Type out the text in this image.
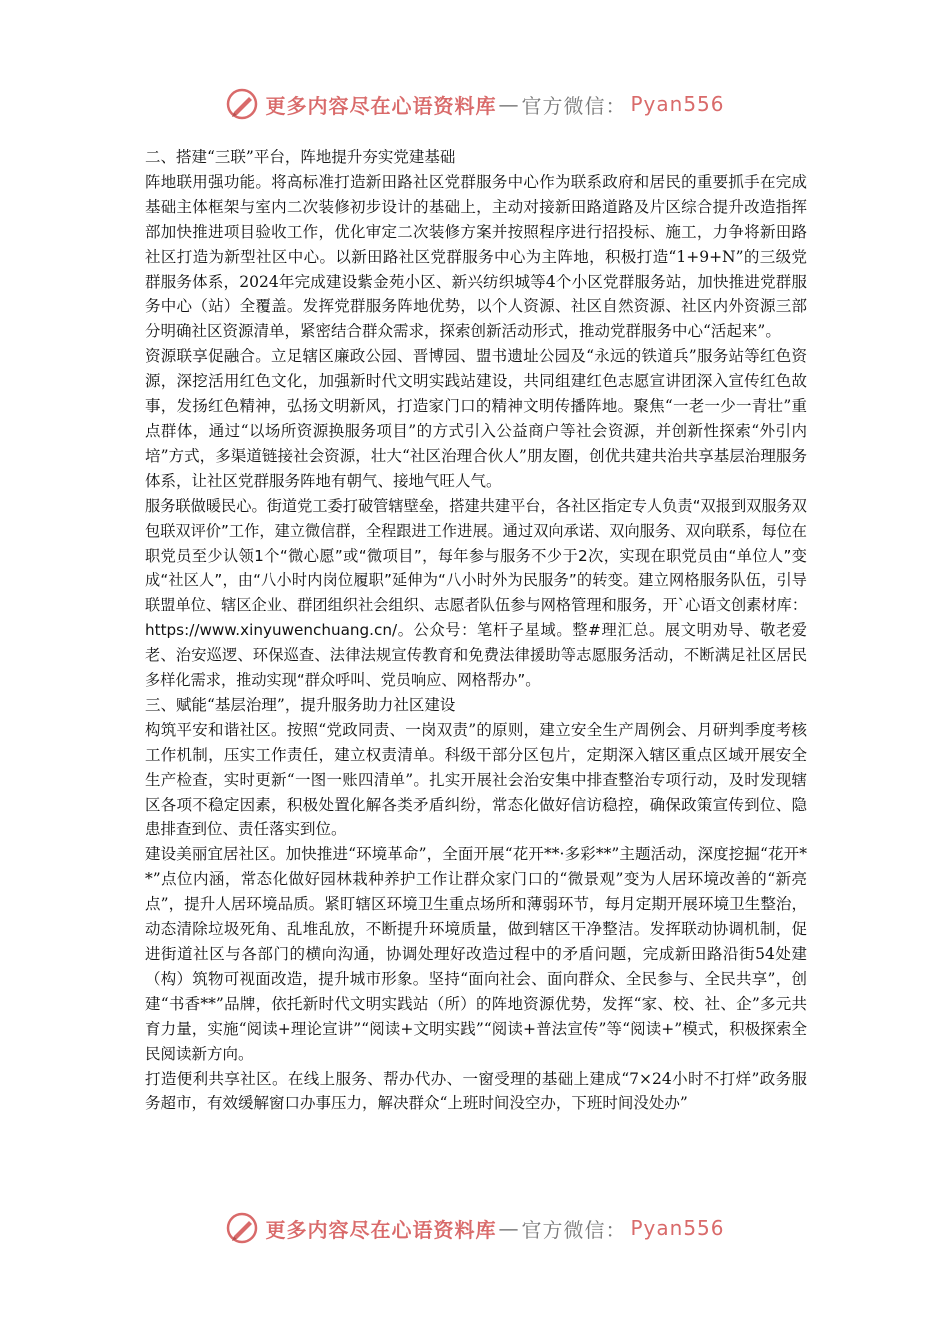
更多内容尽在心语资料库 — 官方微信： Pyan556

二、搭建“三联”平台，阵地提升夯实党建基础

阵地联用强功能。将高标准打造新田路社区党群服务中心作为联系政府和居民的重要抓手在完成基础主体框架与室内二次装修初步设计的基础上，主动对接新田路道路及片区综合提升改造指挥部加快推进项目验收工作，优化审定二次装修方案并按照程序进行招投标、施工，力争将新田路社区打造为新型社区中心。以新田路社区党群服务中心为主阵地，积极打造“1+9+N”的三级党群服务体系，2024年完成建设紫金苑小区、新兴纺织城等4个小区党群服务站，加快推进党群服务中心（站）全覆盖。发挥党群服务阵地优势，以个人资源、社区自然资源、社区内外资源三部分明确社区资源清单，紧密结合群众需求，探索创新活动形式，推动党群服务中心“活起来”。

资源联享促融合。立足辖区廉政公园、晋博园、盟书遗址公园及“永远的铁道兵”服务站等红色资源，深挖活用红色文化，加强新时代文明实践站建设，共同组建红色志愿宣讲团深入宣传红色故事，发扬红色精神，弘扬文明新风，打造家门口的精神文明传播阵地。聚焦“一老一少一青壮”重点群体，通过“以场所资源换服务项目”的方式引入公益商户等社会资源，并创新性探索“外引内培”方式，多渠道链接社会资源，壮大“社区治理合伙人”朋友圈，创优共建共治共享基层治理服务体系，让社区党群服务阵地有朝气、接地气旺人气。

服务联做暖民心。街道党工委打破管辖壁垒，搭建共建平台，各社区指定专人负责“双报到双服务双包联双评价”工作，建立微信群，全程跟进工作进展。通过双向承诺、双向服务、双向联系，每位在职党员至少认领1个“微心愿”或“微项目”，每年参与服务不少于2次，实现在职党员由“单位人”变成“社区人”，由“八小时内岗位履职”延伸为“八小时外为民服务”的转变。建立网格服务队伍，引导联盟单位、辖区企业、群团组织社会组织、志愿者队伍参与网格管理和服务，开`心语文创素材库：https://www.xinyuwenchuang.cn/。公众号：笔杆子星域。整#理汇总。展文明劝导、敬老爱老、治安巡逻、环保巡查、法律法规宣传教育和免费法律援助等志愿服务活动，不断满足社区居民多样化需求，推动实现“群众呼叫、党员响应、网格帮办”。

三、赋能“基层治理”，提升服务助力社区建设

构筑平安和谐社区。按照“党政同责、一岗双责”的原则，建立安全生产周例会、月研判季度考核工作机制，压实工作责任，建立权责清单。科级干部分区包片，定期深入辖区重点区域开展安全生产检查，实时更新“一图一账四清单”。扎实开展社会治安集中排查整治专项行动，及时发现辖区各项不稳定因素，积极处置化解各类矛盾纠纷，常态化做好信访稳控，确保政策宣传到位、隐患排查到位、责任落实到位。

建设美丽宜居社区。加快推进“环境革命”，全面开展“花开**·多彩**”主题活动，深度挖掘“花开**”点位内涵，常态化做好园林栽种养护工作让群众家门口的“微景观”变为人居环境改善的“新亮点”，提升人居环境品质。紧盯辖区环境卫生重点场所和薄弱环节，每月定期开展环境卫生整治，动态清除垃圾死角、乱堆乱放，不断提升环境质量，做到辖区干净整洁。发挥联动协调机制，促进街道社区与各部门的横向沟通，协调处理好改造过程中的矛盾问题，完成新田路沿街54处建（构）筑物可视面改造，提升城市形象。坚持“面向社会、面向群众、全民参与、全民共享”，创建“书香**”品牌，依托新时代文明实践站（所）的阵地资源优势，发挥“家、校、社、企”多元共育力量，实施“阅读+理论宣讲”“阅读+文明实践”“阅读+普法宣传”等“阅读+”模式，积极探索全民阅读新方向。

打造便利共享社区。在线上服务、帮办代办、一窗受理的基础上建成“7×24小时不打烊”政务服务超市，有效缓解窗口办事压力，解决群众“上班时间没空办，下班时间没处办”

更多内容尽在心语资料库 — 官方微信： Pyan556
